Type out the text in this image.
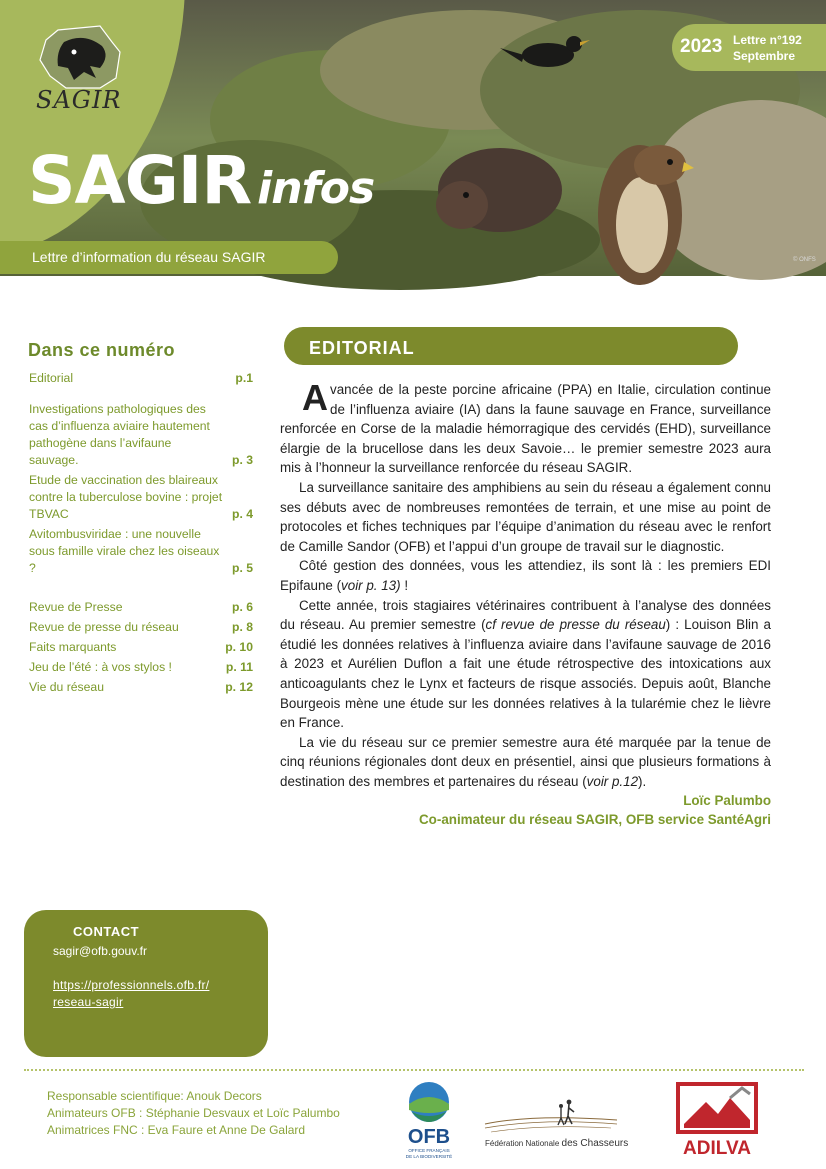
SAGIR
SAGIR infos
Lettre d’information du réseau SAGIR
2023 Lettre n°192
Septembre
© ONFS
Dans ce numéro
Editorial	p.1
Investigations pathologiques des cas d’influenza aviaire hautement pathogène dans l’avifaune sauvage.	p. 3
Etude de vaccination des blaireaux contre la tuberculose bovine : projet TBVAC	p. 4
Avitombusviridae : une nouvelle sous famille virale chez les oiseaux ?	p. 5
Revue de Presse	p. 6
Revue de presse du réseau	p. 8
Faits marquants	p. 10
Jeu de l’été : à vos stylos !	p. 11
Vie du réseau	p. 12
EDITORIAL

Avancée de la peste porcine africaine (PPA) en Italie, circulation continue de l’influenza aviaire (IA) dans la faune sauvage en France, surveillance renforcée en Corse de la maladie hémorragique des cervidés (EHD), surveillance élargie de la brucellose dans les deux Savoie… le premier semestre 2023 aura mis à l’honneur la surveillance renforcée du réseau SAGIR.

La surveillance sanitaire des amphibiens au sein du réseau a également connu ses débuts avec de nombreuses remontées de terrain, et une mise au point de protocoles et fiches techniques par l’équipe d’animation du réseau avec le renfort de Camille Sandor (OFB) et l’appui d’un groupe de travail sur le diagnostic.

Côté gestion des données, vous les attendiez, ils sont là : les premiers EDI Epifaune (voir p. 13) !

Cette année, trois stagiaires vétérinaires contribuent à l’analyse des données du réseau. Au premier semestre (cf revue de presse du réseau) : Louison Blin a étudié les données relatives à l’influenza aviaire dans l’avifaune sauvage de 2016 à 2023 et Aurélien Duflon a fait une étude rétrospective des intoxications aux anticoagulants chez le Lynx et facteurs de risque associés. Depuis août, Blanche Bourgeois mène une étude sur les données relatives à la tularémie chez le lièvre en France.

La vie du réseau sur ce premier semestre aura été marquée par la tenue de cinq réunions régionales dont deux en présentiel, ainsi que plusieurs formations à destination des membres et partenaires du réseau (voir p.12).

Loïc Palumbo
Co-animateur du réseau SAGIR, OFB service SantéAgri
CONTACT
sagir@ofb.gouv.fr
https://professionnels.ofb.fr/
reseau-sagir
Responsable scientifique: Anouk Decors
Animateurs OFB : Stéphanie Desvaux et Loïc Palumbo
Animatrices FNC : Eva Faure et Anne De Galard	OFB
OFFICE FRANÇAIS
DE LA BIODIVERSITÉ
Fédération Nationale des Chasseurs	ADILVA
